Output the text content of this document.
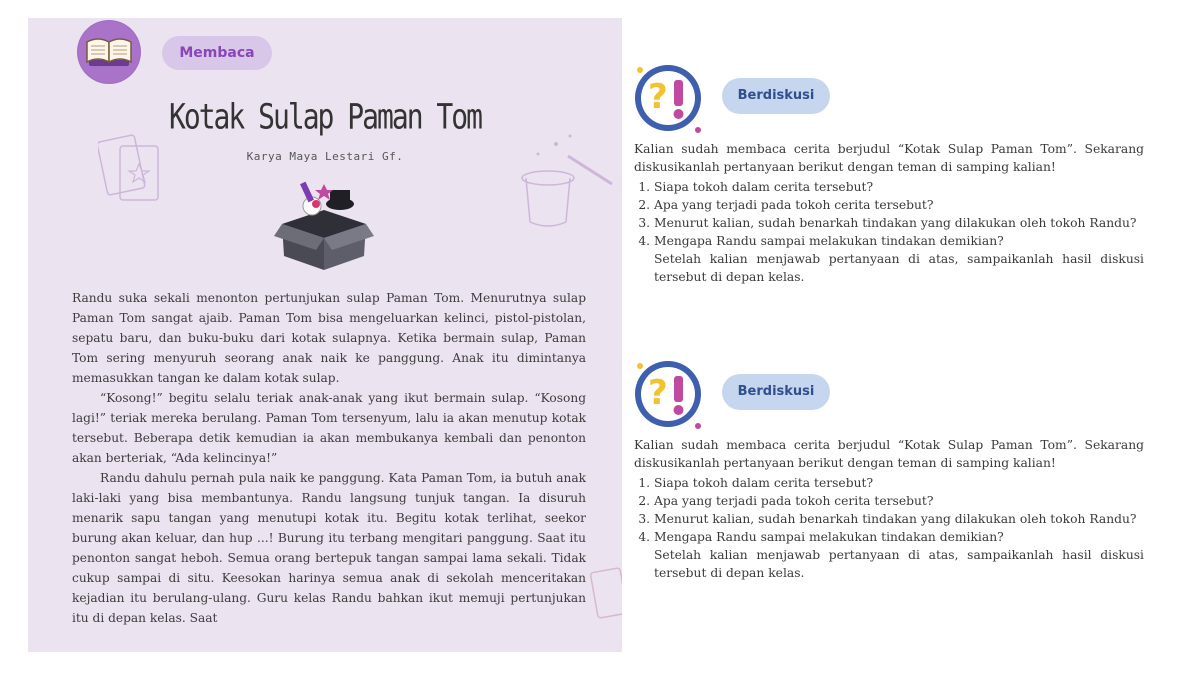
Membaca
Kotak Sulap Paman Tom
Karya Maya Lestari Gf.

Randu suka sekali menonton pertunjukan sulap Paman Tom. Menurutnya sulap Paman Tom sangat ajaib. Paman Tom bisa mengeluarkan kelinci, pistol-pistolan, sepatu baru, dan buku-buku dari kotak sulapnya. Ketika bermain sulap, Paman Tom sering menyuruh seorang anak naik ke panggung. Anak itu dimintanya memasukkan tangan ke dalam kotak sulap.

“Kosong!” begitu selalu teriak anak-anak yang ikut bermain sulap. “Kosong lagi!” teriak mereka berulang. Paman Tom tersenyum, lalu ia akan menutup kotak tersebut. Beberapa detik kemudian ia akan membukanya kembali dan penonton akan berteriak, “Ada kelincinya!”

Randu dahulu pernah pula naik ke panggung. Kata Paman Tom, ia butuh anak laki-laki yang bisa membantunya. Randu langsung tunjuk tangan. Ia disuruh menarik sapu tangan yang menutupi kotak itu. Begitu kotak terlihat, seekor burung akan keluar, dan hup ...! Burung itu terbang mengitari panggung. Saat itu penonton sangat heboh. Semua orang bertepuk tangan sampai lama sekali. Tidak cukup sampai di situ. Keesokan harinya semua anak di sekolah menceritakan kejadian itu berulang-ulang. Guru kelas Randu bahkan ikut memuji pertunjukan itu di depan kelas. Saat

?	Berdiskusi
Kalian sudah membaca cerita berjudul “Kotak Sulap Paman Tom”. Sekarang diskusikanlah pertanyaan berikut dengan teman di samping kalian!
1. Siapa tokoh dalam cerita tersebut?
2. Apa yang terjadi pada tokoh cerita tersebut?
3. Menurut kalian, sudah benarkah tindakan yang dilakukan oleh tokoh Randu?
4. Mengapa Randu sampai melakukan tindakan demikian?
Setelah kalian menjawab pertanyaan di atas, sampaikanlah hasil diskusi tersebut di depan kelas.
?	Berdiskusi
Kalian sudah membaca cerita berjudul “Kotak Sulap Paman Tom”. Sekarang diskusikanlah pertanyaan berikut dengan teman di samping kalian!
1. Siapa tokoh dalam cerita tersebut?
2. Apa yang terjadi pada tokoh cerita tersebut?
3. Menurut kalian, sudah benarkah tindakan yang dilakukan oleh tokoh Randu?
4. Mengapa Randu sampai melakukan tindakan demikian?
Setelah kalian menjawab pertanyaan di atas, sampaikanlah hasil diskusi tersebut di depan kelas.
